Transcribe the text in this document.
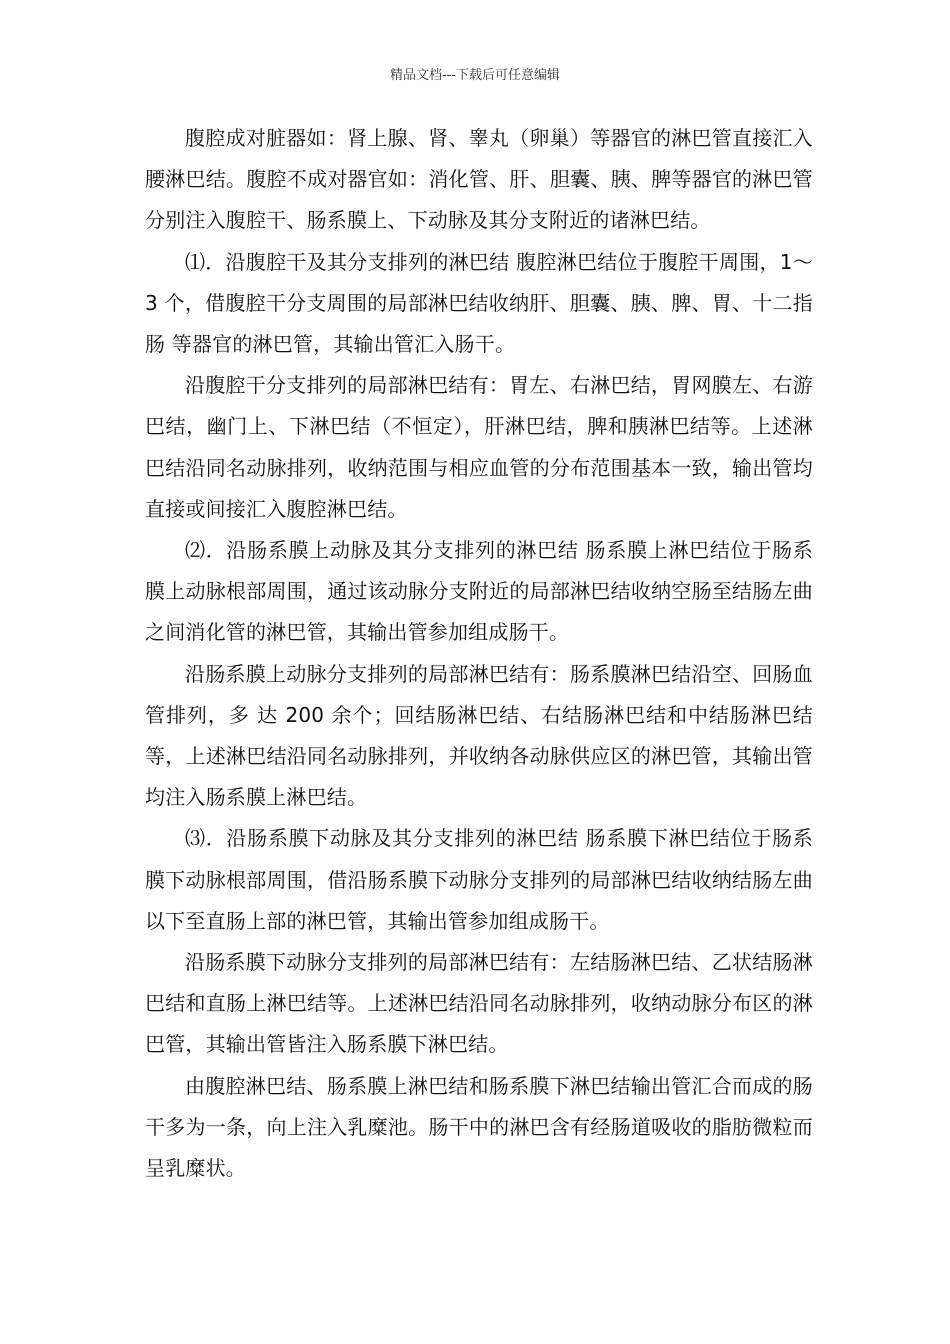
精品文档---下载后可任意编辑

腹腔成对脏器如：肾上腺、肾、睾丸（卵巢）等器官的淋巴管直接汇入腰淋巴结。腹腔不成对器官如：消化管、肝、胆囊、胰、脾等器官的淋巴管分别注入腹腔干、肠系膜上、下动脉及其分支附近的诸淋巴结。

⑴．沿腹腔干及其分支排列的淋巴结 腹腔淋巴结位于腹腔干周围，1～3 个，借腹腔干分支周围的局部淋巴结收纳肝、胆囊、胰、脾、胃、十二指肠 等器官的淋巴管，其输出管汇入肠干。

沿腹腔干分支排列的局部淋巴结有：胃左、右淋巴结，胃网膜左、右游巴结，幽门上、下淋巴结（不恒定），肝淋巴结，脾和胰淋巴结等。上述淋巴结沿同名动脉排列，收纳范围与相应血管的分布范围基本一致，输出管均直接或间接汇入腹腔淋巴结。

⑵．沿肠系膜上动脉及其分支排列的淋巴结 肠系膜上淋巴结位于肠系膜上动脉根部周围，通过该动脉分支附近的局部淋巴结收纳空肠至结肠左曲之间消化管的淋巴管，其输出管参加组成肠干。

沿肠系膜上动脉分支排列的局部淋巴结有：肠系膜淋巴结沿空、回肠血管排列，多 达 200 余个；回结肠淋巴结、右结肠淋巴结和中结肠淋巴结等，上述淋巴结沿同名动脉排列，并收纳各动脉供应区的淋巴管，其输出管均注入肠系膜上淋巴结。

⑶．沿肠系膜下动脉及其分支排列的淋巴结 肠系膜下淋巴结位于肠系膜下动脉根部周围，借沿肠系膜下动脉分支排列的局部淋巴结收纳结肠左曲以下至直肠上部的淋巴管，其输出管参加组成肠干。

沿肠系膜下动脉分支排列的局部淋巴结有：左结肠淋巴结、乙状结肠淋巴结和直肠上淋巴结等。上述淋巴结沿同名动脉排列，收纳动脉分布区的淋巴管，其输出管皆注入肠系膜下淋巴结。

由腹腔淋巴结、肠系膜上淋巴结和肠系膜下淋巴结输出管汇合而成的肠干多为一条，向上注入乳糜池。肠干中的淋巴含有经肠道吸收的脂肪微粒而呈乳糜状。
